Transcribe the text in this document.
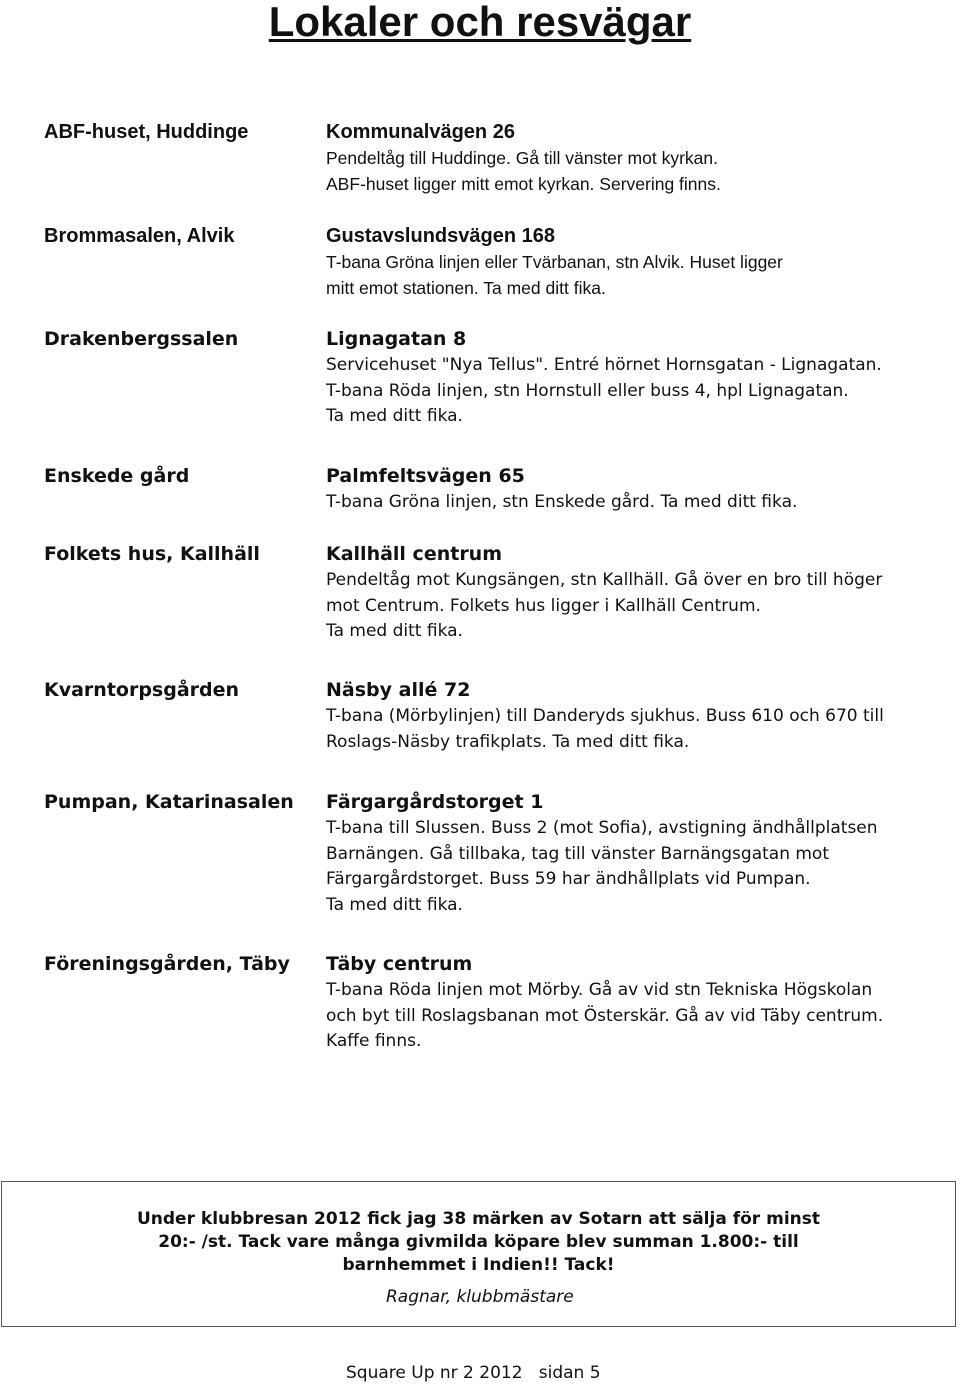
Lokaler och resvägar
ABF-huset, Huddinge	Kommunalvägen 26
Pendeltåg till Huddinge. Gå till vänster mot kyrkan.
ABF-huset ligger mitt emot kyrkan. Servering finns.
Brommasalen, Alvik	Gustavslundsvägen 168
T-bana Gröna linjen eller Tvärbanan, stn Alvik. Huset ligger
mitt emot stationen. Ta med ditt fika.
Drakenbergssalen	Lignagatan 8
Servicehuset "Nya Tellus". Entré hörnet Hornsgatan - Lignagatan.
T-bana Röda linjen, stn Hornstull eller buss 4, hpl Lignagatan.
Ta med ditt fika.
Enskede gård	Palmfeltsvägen 65
T-bana Gröna linjen, stn Enskede gård. Ta med ditt fika.
Folkets hus, Kallhäll	Kallhäll centrum
Pendeltåg mot Kungsängen, stn Kallhäll. Gå över en bro till höger
mot Centrum. Folkets hus ligger i Kallhäll Centrum.
Ta med ditt fika.
Kvarntorpsgården	Näsby allé 72
T-bana (Mörbylinjen) till Danderyds sjukhus. Buss 610 och 670 till
Roslags-Näsby trafikplats. Ta med ditt fika.
Pumpan, Katarinasalen	Färgargårdstorget 1
T-bana till Slussen. Buss 2 (mot Sofia), avstigning ändhållplatsen
Barnängen. Gå tillbaka, tag till vänster Barnängsgatan mot
Färgargårdstorget. Buss 59 har ändhållplats vid Pumpan.
Ta med ditt fika.
Föreningsgården, Täby	Täby centrum
T-bana Röda linjen mot Mörby. Gå av vid stn Tekniska Högskolan
och byt till Roslagsbanan mot Österskär. Gå av vid Täby centrum.
Kaffe finns.
Under klubbresan 2012 fick jag 38 märken av Sotarn att sälja för minst
20:- /st. Tack vare många givmilda köpare blev summan 1.800:- till
barnhemmet i Indien!! Tack!
Ragnar, klubbmästare
Square Up nr 2 2012   sidan 5
